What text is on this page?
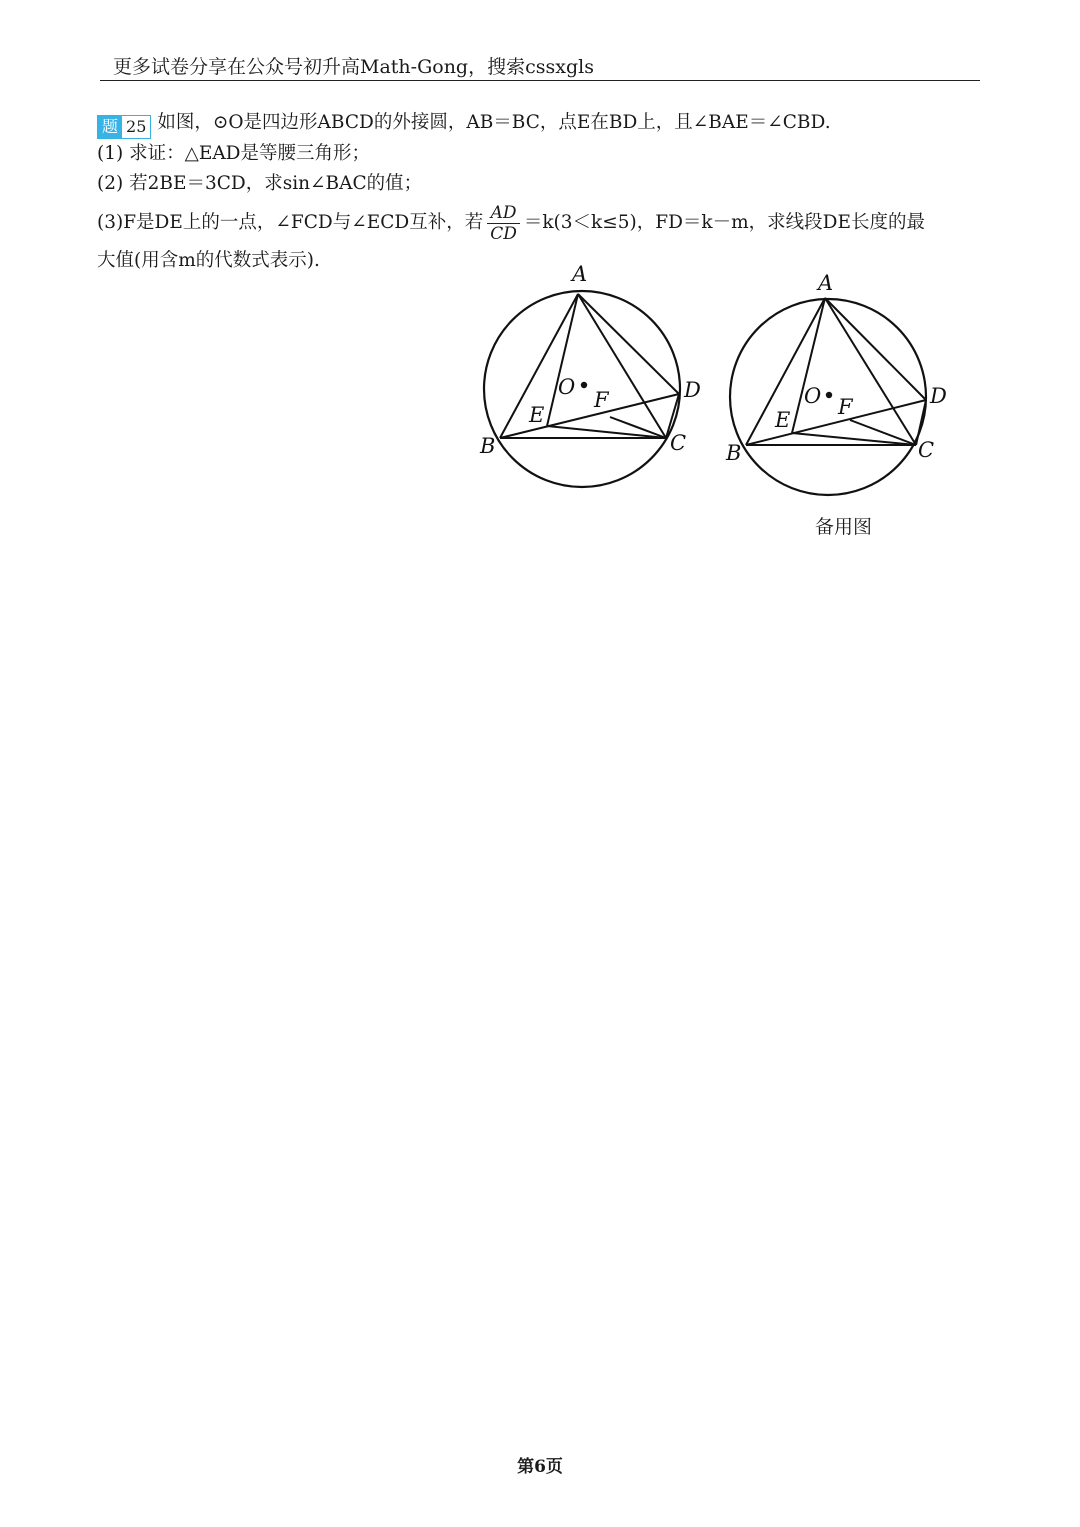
更多试卷分享在公众号初升高Math-Gong，搜索cssxgls
题 25 如图，⊙O是四边形ABCD的外接圆，AB＝BC，点E在BD上，且∠BAE＝∠CBD.
(1) 求证：△EAD是等腰三角形；
(2) 若2BE＝3CD，求sin∠BAC的值；
(3)F是DE上的一点，∠FCD与∠ECD互补，若 $\frac{AD}{CD} =k(3<k\le 5)$，FD＝k－m，求线段DE长度的最
大值(用含m的代数式表示).
A
B	C
D
E
F
O
A
B	C
D
E
F
O
备用图
第6页
